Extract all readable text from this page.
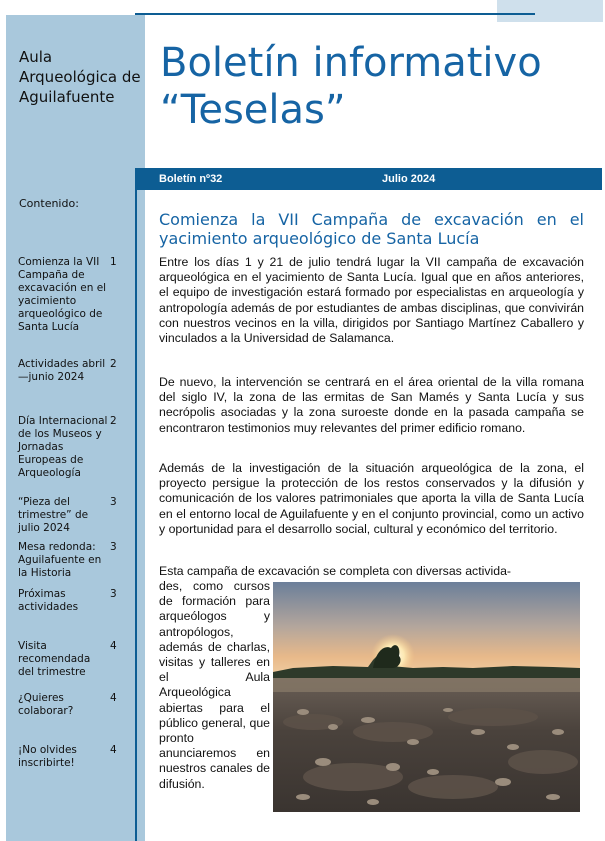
Aula Arqueológica de Aguilafuente
Boletín informativo
“Teselas”
Boletín nº32	Julio 2024
Contenido:
Comienza la VII Campaña de excavación en el yacimiento arqueológico de Santa Lucía
1
Actividades abril—junio 2024
2
Día Internacional de los Museos y Jornadas Europeas de Arqueología
2
“Pieza del trimestre” de julio 2024
3
Mesa redonda: Aguilafuente en la Historia
3
Próximas actividades
3
Visita recomendada del trimestre
4
¿Quieres colaborar?
4
¡No olvides inscribirte!
4
Comienza la VII Campaña de excavación en el yacimiento arqueológico de Santa Lucía

Entre los días 1 y 21 de julio tendrá lugar la VII campaña de excavación arqueológica en el yacimiento de Santa Lucía. Igual que en años anteriores, el equipo de investigación estará formado por especialistas en arqueología y antropología además de por estudiantes de ambas disciplinas, que convivirán con nuestros vecinos en la villa, dirigidos por Santiago Martínez Caballero y vinculados a la Universidad de Salamanca.

De nuevo, la intervención se centrará en el área oriental de la villa romana del siglo IV, la zona de las ermitas de San Mamés y Santa Lucía y sus necrópolis asociadas y la zona suroeste donde en la pasada campaña se encontraron testimonios muy relevantes del primer edificio romano.

Además de la investigación de la situación arqueológica de la zona, el proyecto persigue la protección de los restos conservados y la difusión y comunicación de los valores patrimoniales que aporta la villa de Santa Lucía en el entorno local de Aguilafuente y en el conjunto provincial, como un activo y oportunidad para el desarrollo social, cultural y económico del territorio.

Esta campaña de excavación se completa con diversas activida-

des, como cursos de formación para arqueólogos y antropólogos, además de charlas, visitas y talleres en el Aula Arqueológica abiertas para el público general, que pronto anunciaremos en nuestros canales de difusión.
